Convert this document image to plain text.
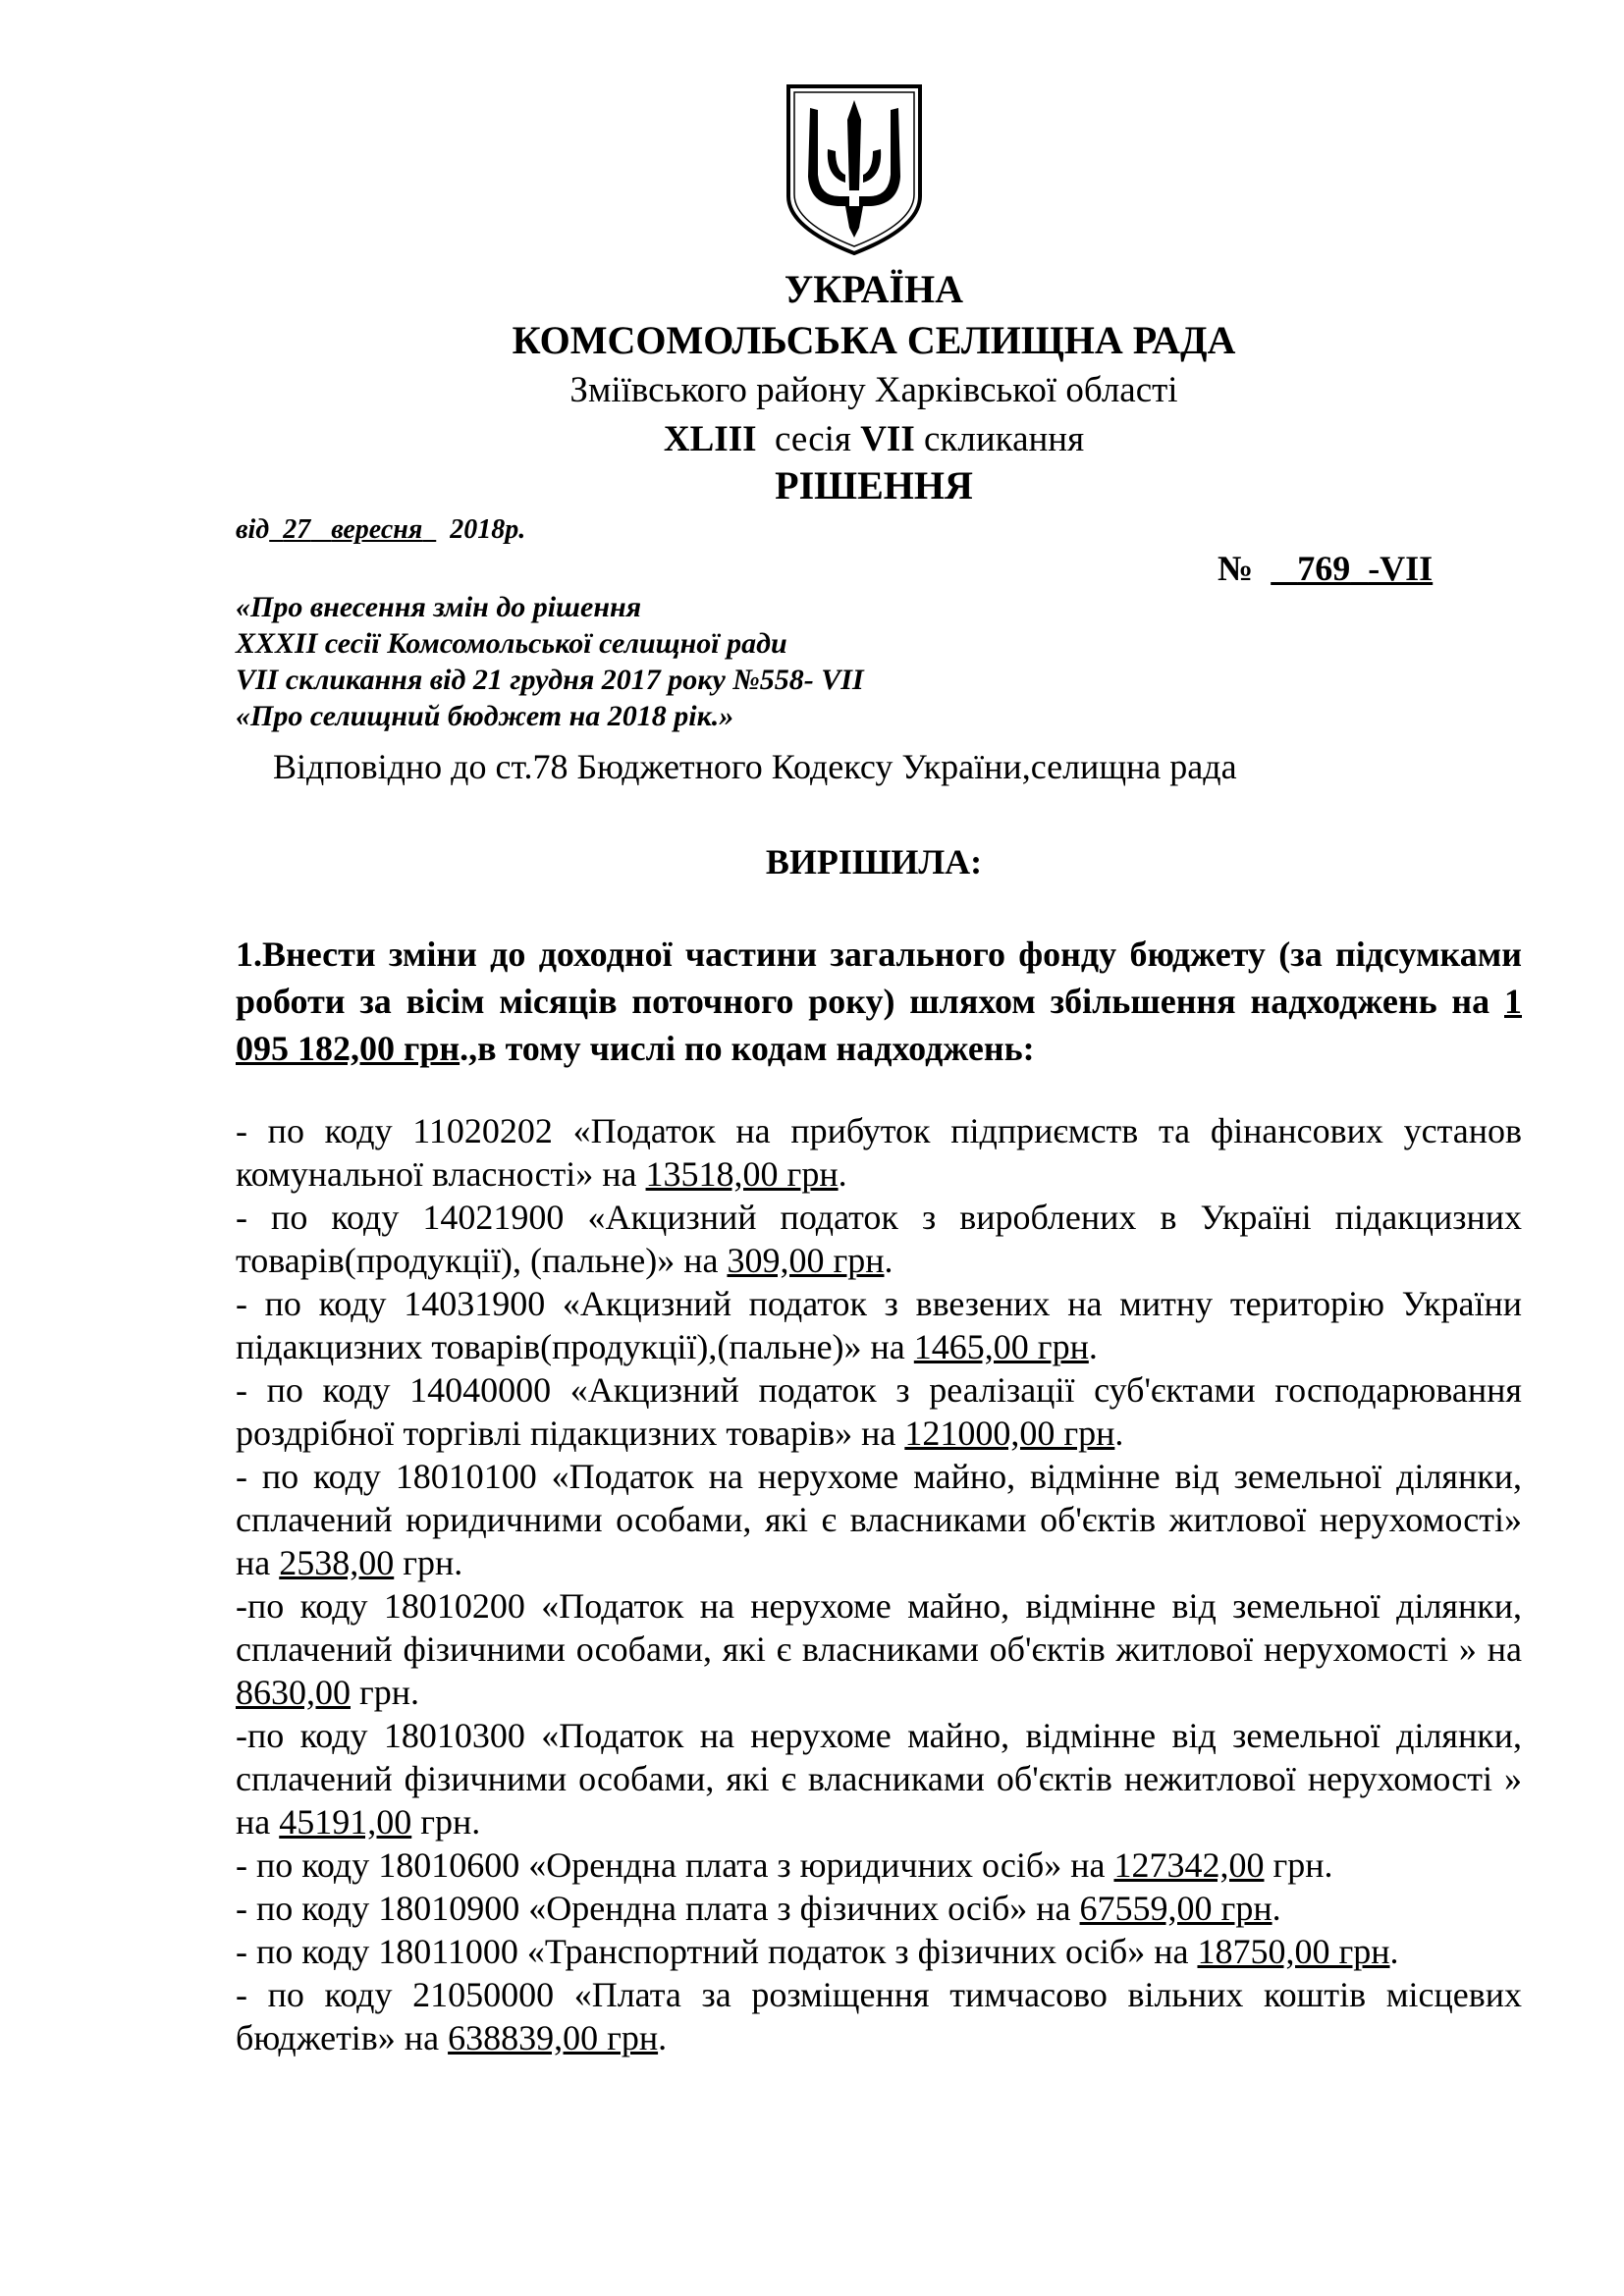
УКРАЇНА
КОМСОМОЛЬСЬКА СЕЛИЩНА РАДА
Зміївського району Харківської області
XLIII сесія VII скликання
РІШЕННЯ
від 27 вересня 2018р.
№   _769_-VII
«Про внесення змін до рішення
XXXII сесії Комсомольської селищної ради
VII скликання від 21 грудня 2017 року №558- VII
«Про селищний бюджет на 2018 рік.»
Відповідно до ст.78 Бюджетного Кодексу України,селищна рада
ВИРІШИЛА:
1.Внести зміни до доходної частини загального фонду бюджету (за підсумками роботи за вісім місяців поточного року) шляхом збільшення надходжень на 1 095 182,00 грн.,в тому числі по кодам надходжень:
- по коду 11020202 «Податок на прибуток підприємств та фінансових установ комунальної власності» на 13518,00 грн.
- по коду 14021900 «Акцизний податок з вироблених в Україні підакцизних товарів(продукції), (пальне)» на 309,00 грн.
- по коду 14031900 «Акцизний податок з ввезених на митну територію України підакцизних товарів(продукції),(пальне)» на 1465,00 грн.
- по коду 14040000 «Акцизний податок з реалізації суб'єктами господарювання роздрібної торгівлі підакцизних товарів» на 121000,00 грн.
- по коду 18010100 «Податок на нерухоме майно, відмінне від земельної ділянки, сплачений юридичними особами, які є власниками об'єктів житлової нерухомості» на 2538,00 грн.
-по коду 18010200 «Податок на нерухоме майно, відмінне від земельної ділянки, сплачений фізичними особами, які є власниками об'єктів житлової нерухомості » на 8630,00 грн.
-по коду 18010300 «Податок на нерухоме майно, відмінне від земельної ділянки, сплачений фізичними особами, які є власниками об'єктів нежитлової нерухомості » на 45191,00 грн.
- по коду 18010600 «Орендна плата з юридичних осіб» на 127342,00 грн.
- по коду 18010900 «Орендна плата з фізичних осіб» на 67559,00 грн.
- по коду 18011000 «Транспортний податок з фізичних осіб» на 18750,00 грн.
- по коду 21050000 «Плата за розміщення тимчасово вільних коштів місцевих бюджетів» на 638839,00 грн.
